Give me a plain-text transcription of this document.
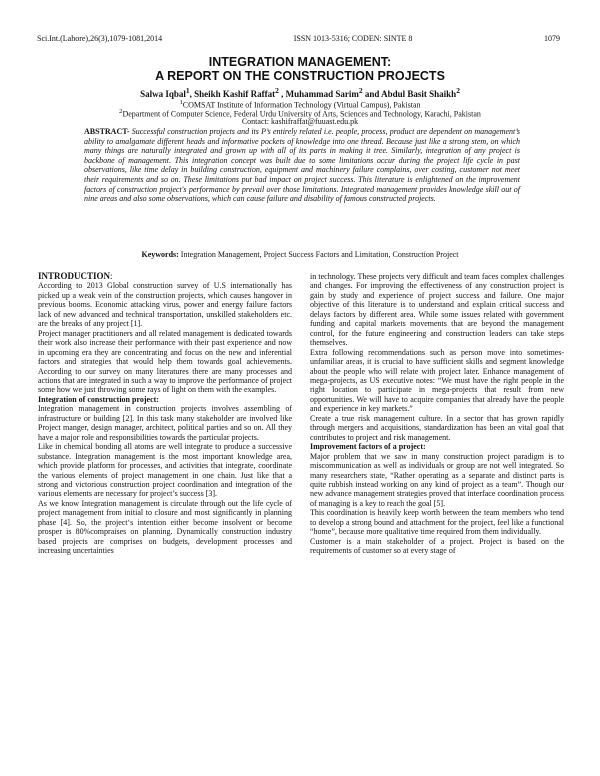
Sci.Int.(Lahore),26(3),1079-1081,2014	ISSN 1013-5316; CODEN: SINTE 8	1079
INTEGRATION MANAGEMENT:
A REPORT ON THE CONSTRUCTION PROJECTS
Salwa Iqbal$^1$, Sheikh Kashif Raffat$^2$ , Muhammad Sarim$^2$ and Abdul Basit Shaikh$^2$
$^1$COMSAT Institute of Information Technology (Virtual Campus), Pakistan
$^2$Department of Computer Science, Federal Urdu University of Arts, Sciences and Technology, Karachi, Pakistan
Contact: kashifraffat@fuuast.edu.pk
ABSTRACT- Successful construction projects and its P’s entirely related i.e. people, process, product are dependent on management’s ability to amalgamate different heads and informative pockets of knowledge into one thread. Because just like a strong stem, on which many things are naturally integrated and grown up with all of its parts in making it tree. Similarly, integration of any project is backbone of management. This integration concept was built due to some limitations occur during the project life cycle in past observations, like time delay in building construction, equipment and machinery failure complains, over costing, customer not meet their requirements and so on. These limitations put bad impact on project success. This literature is enlightened on the improvement factors of construction project's performance by prevail over those limitations. Integrated management provides knowledge skill out of nine areas and also some observations, which can cause failure and disability of famous constructed projects.
Keywords: Integration Management, Project Success Factors and Limitation, Construction Project

INTRODUCTION:

According to 2013 Global construction survey of U.S internationally has picked up a weak vein of the construction projects, which causes hangover in previous booms. Economic attacking virus, power and energy failure factors lack of new advanced and technical transportation, unskilled stakeholders etc. are the breaks of any project [1].

Project manager practitioners and all related management is dedicated towards their work also increase their performance with their past experience and now in upcoming era they are concentrating and focus on the new and inferential factors and strategies that would help them towards goal achievements. According to our survey on many literatures there are many processes and actions that are integrated in such a way to improve the performance of project some how we just throwing some rays of light on them with the examples.

Integration of construction project:

Integration management in construction projects involves assembling of infrastructure or building [2]. In this task many stakeholder are involved like Project manger, design manager, architect, political parties and so on. All they have a major role and responsibilities towards the particular projects.

Like in chemical bonding all atoms are well integrate to produce a successive substance. Integration management is the most important knowledge area, which provide platform for processes, and activities that integrate, coordinate the various elements of project management in one chain. Just like that a strong and victorious construction project coordination and integration of the various elements are necessary for project’s success [3].

As we know Integration management is circulate through out the life cycle of project management from initial to closure and most significantly in planning phase [4]. So, the project‘s intention either become insolvent or become prosper is 80%compraises on planning. Dynamically construction industry based projects are comprises on budgets, development processes and increasing uncertainties

in technology. These projects very difficult and team faces complex challenges and changes. For improving the effectiveness of any construction project is gain by study and experience of project success and failure. One major objective of this literature is to understand and explain critical success and delays factors by different area. While some issues related with government funding and capital markets movements that are beyond the management control, for the future engineering and construction leaders can take steps themselves.

Extra following recommendations such as person move into sometimes-unfamiliar areas, it is crucial to have sufficient skills and segment knowledge about the people who will relate with project later. Enhance management of mega-projects, as US executive notes: “We must have the right people in the right location to participate in mega-projects that result from new opportunities. We will have to acquire companies that already have the people and experience in key markets.”

Create a true risk management culture. In a sector that has grown rapidly through mergers and acquisitions, standardization has been an vital goal that contributes to project and risk management.

Improvement factors of a project:

Major problem that we saw in many construction project paradigm is to miscommunication as well as individuals or group are not well integrated. So many researchers state, “Rather operating as a separate and distinct parts is quite rubbish instead working on any kind of project as a team”. Though our new advance management strategies proved that interface coordination process of managing is a key to reach the goal [5].

This coordination is heavily keep worth between the team members who tend to develop a strong bound and attachment for the project, feel like a functional “home”, because more qualitative time required from them individually.

Customer is a main stakeholder of a project. Project is based on the requirements of customer so at every stage of
